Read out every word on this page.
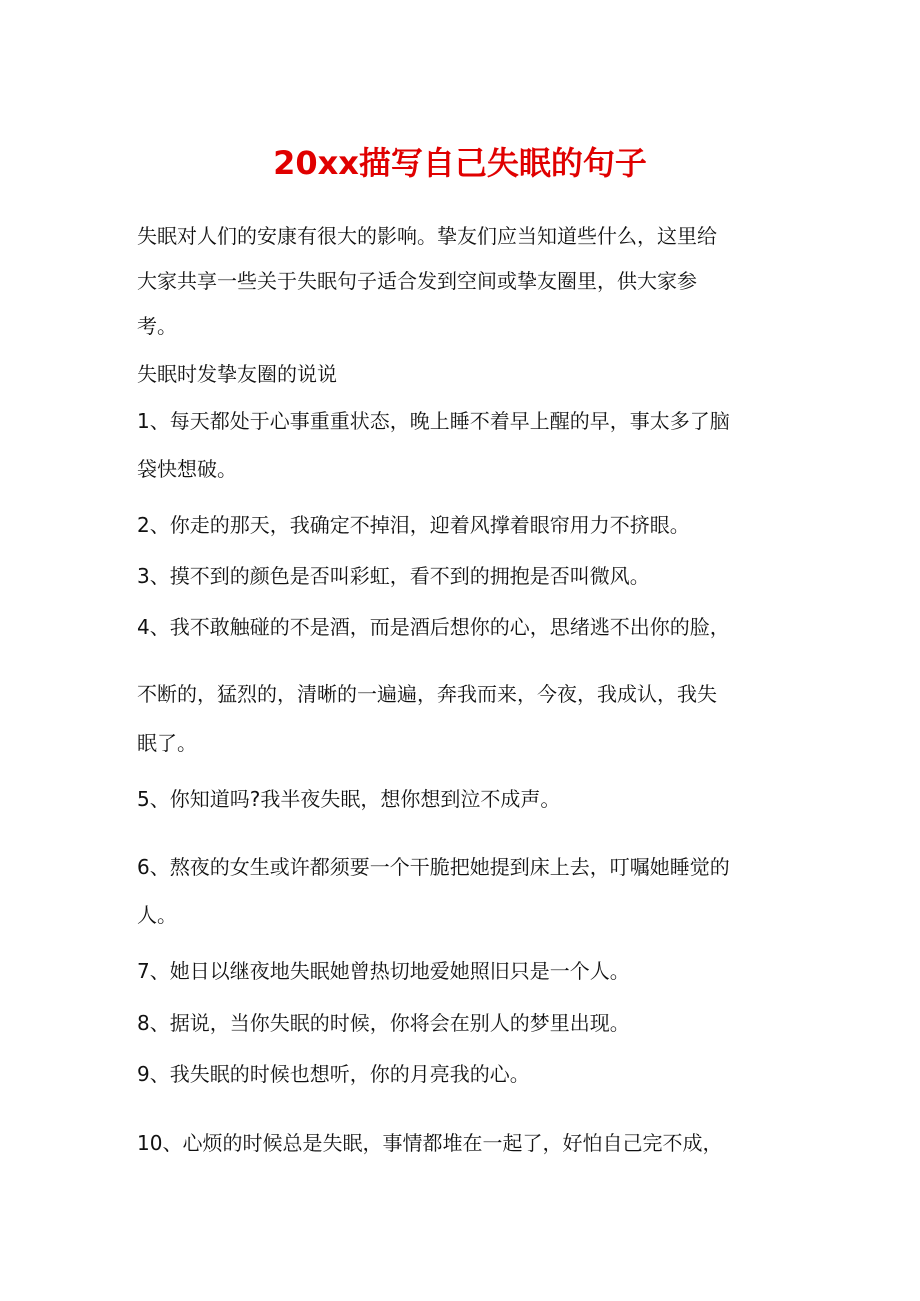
20xx描写自己失眠的句子

失眠对人们的安康有很大的影响。挚友们应当知道些什么，这里给

大家共享一些关于失眠句子适合发到空间或挚友圈里，供大家参

考。

失眠时发挚友圈的说说

1、每天都处于心事重重状态，晚上睡不着早上醒的早，事太多了脑

袋快想破。

2、你走的那天，我确定不掉泪，迎着风撑着眼帘用力不挤眼。

3、摸不到的颜色是否叫彩虹，看不到的拥抱是否叫微风。

4、我不敢触碰的不是酒，而是酒后想你的心，思绪逃不出你的脸，

不断的，猛烈的，清晰的一遍遍，奔我而来，今夜，我成认，我失

眠了。

5、你知道吗?我半夜失眠，想你想到泣不成声。

6、熬夜的女生或许都须要一个干脆把她提到床上去，叮嘱她睡觉的

人。

7、她日以继夜地失眠她曾热切地爱她照旧只是一个人。

8、据说，当你失眠的时候，你将会在别人的梦里出现。

9、我失眠的时候也想听，你的月亮我的心。

10、心烦的时候总是失眠，事情都堆在一起了，好怕自己完不成，
